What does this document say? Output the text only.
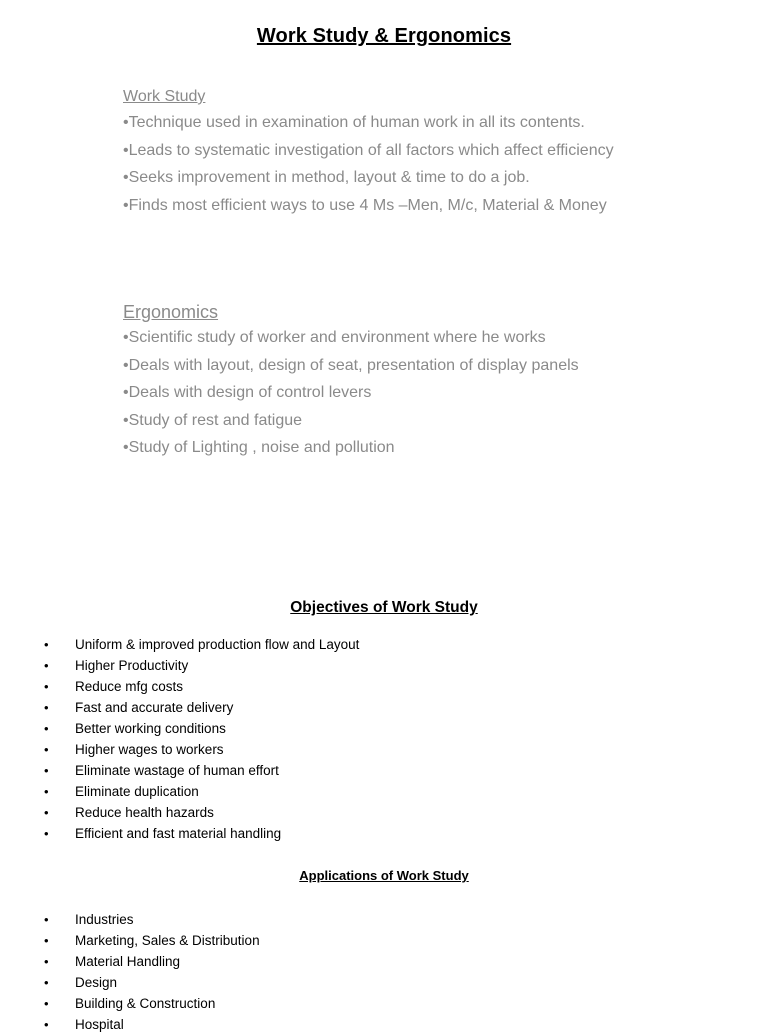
Work Study & Ergonomics
Work Study
•Technique used in examination of human work in all its contents.
•Leads to systematic investigation of all factors which affect efficiency
•Seeks improvement in method, layout & time to do a job.
•Finds most efficient ways to use 4 Ms –Men, M/c, Material & Money
Ergonomics
•Scientific study of worker and environment where he works
•Deals with layout, design of seat, presentation of display panels
•Deals with design of control levers
•Study of rest and fatigue
•Study of Lighting , noise and pollution
Objectives of Work Study
• Uniform & improved production flow and Layout
• Higher Productivity
• Reduce mfg costs
• Fast and accurate delivery
• Better working conditions
• Higher wages to workers
• Eliminate wastage of human effort
• Eliminate duplication
• Reduce health hazards
• Efficient and fast material handling
Applications of Work Study
• Industries
• Marketing, Sales & Distribution
• Material Handling
• Design
• Building & Construction
• Hospital
